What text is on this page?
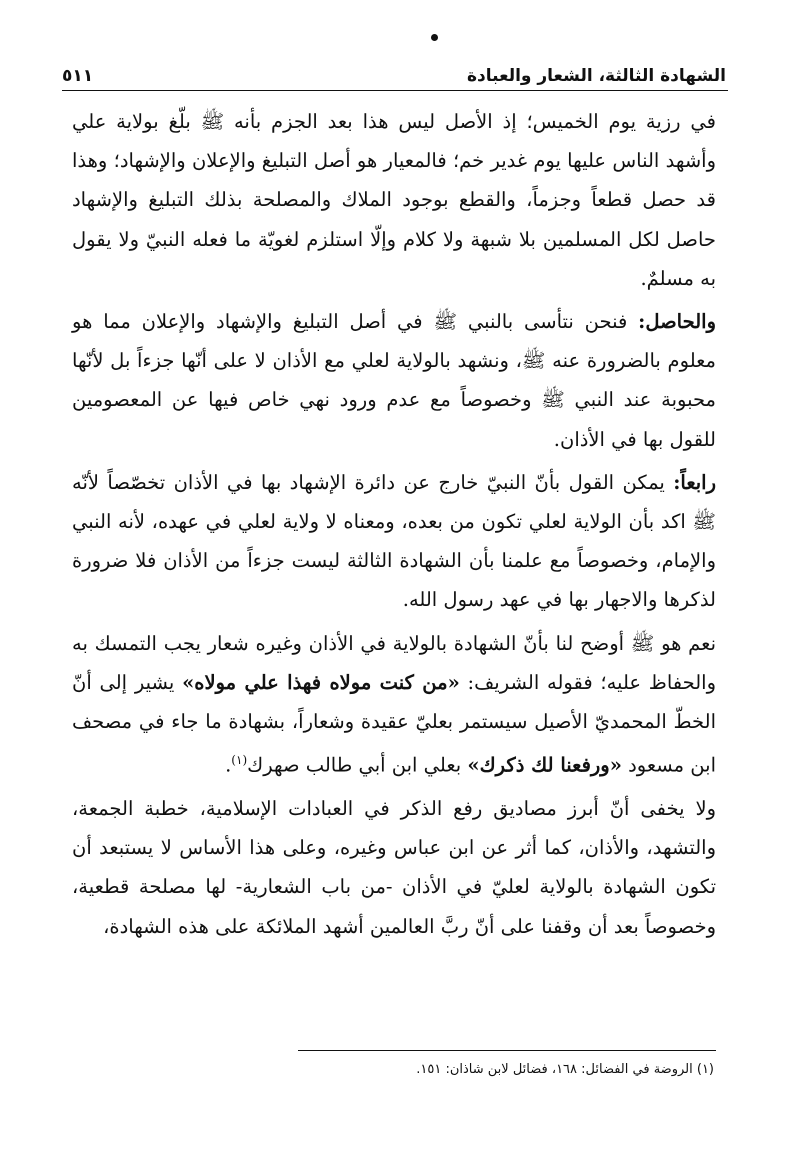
الشهادة الثالثة، الشعار والعبادة
٥١١

في رزية يوم الخميس؛ إذ الأصل ليس هذا بعد الجزم بأنه ﷺ بلّغ بولاية علي وأشهد الناس عليها يوم غدير خم؛ فالمعيار هو أصل التبليغ والإعلان والإشهاد؛ وهذا قد حصل قطعاً وجزماً، والقطع بوجود الملاك والمصلحة بذلك التبليغ والإشهاد حاصل لكل المسلمين بلا شبهة ولا كلام وإلّا استلزم لغويّة ما فعله النبيّ ولا يقول به مسلمٌ.

والحاصل: فنحن نتأسى بالنبي ﷺ في أصل التبليغ والإشهاد والإعلان مما هو معلوم بالضرورة عنه ﷺ، ونشهد بالولاية لعلي مع الأذان لا على أنّها جزءاً بل لأنّها محبوبة عند النبي ﷺ وخصوصاً مع عدم ورود نهي خاص فيها عن المعصومين للقول بها في الأذان.

رابعاً: يمكن القول بأنّ النبيّ خارج عن دائرة الإشهاد بها في الأذان تخصّصاً لأنّه ﷺ اكد بأن الولاية لعلي تكون من بعده، ومعناه لا ولاية لعلي في عهده، لأنه النبي والإمام، وخصوصاً مع علمنا بأن الشهادة الثالثة ليست جزءاً من الأذان فلا ضرورة لذكرها والاجهار بها في عهد رسول الله.

نعم هو ﷺ أوضح لنا بأنّ الشهادة بالولاية في الأذان وغيره شعار يجب التمسك به والحفاظ عليه؛ فقوله الشريف: «من كنت مولاه فهذا علي مولاه» يشير إلى أنّ الخطّ المحمديّ الأصيل سيستمر بعليّ عقيدة وشعاراً، بشهادة ما جاء في مصحف ابن مسعود «ورفعنا لك ذكرك» بعلي ابن أبي طالب صهرك$^{(١)}$.

ولا يخفى أنّ أبرز مصاديق رفع الذكر في العبادات الإسلامية، خطبة الجمعة، والتشهد، والأذان، كما أثر عن ابن عباس وغيره، وعلى هذا الأساس لا يستبعد أن تكون الشهادة بالولاية لعليّ في الأذان -من باب الشعارية- لها مصلحة قطعية، وخصوصاً بعد أن وقفنا على أنّ ربَّ العالمين أشهد الملائكة على هذه الشهادة،

(١) الروضة في الفضائل: ١٦٨، فضائل لابن شاذان: ١٥١.
